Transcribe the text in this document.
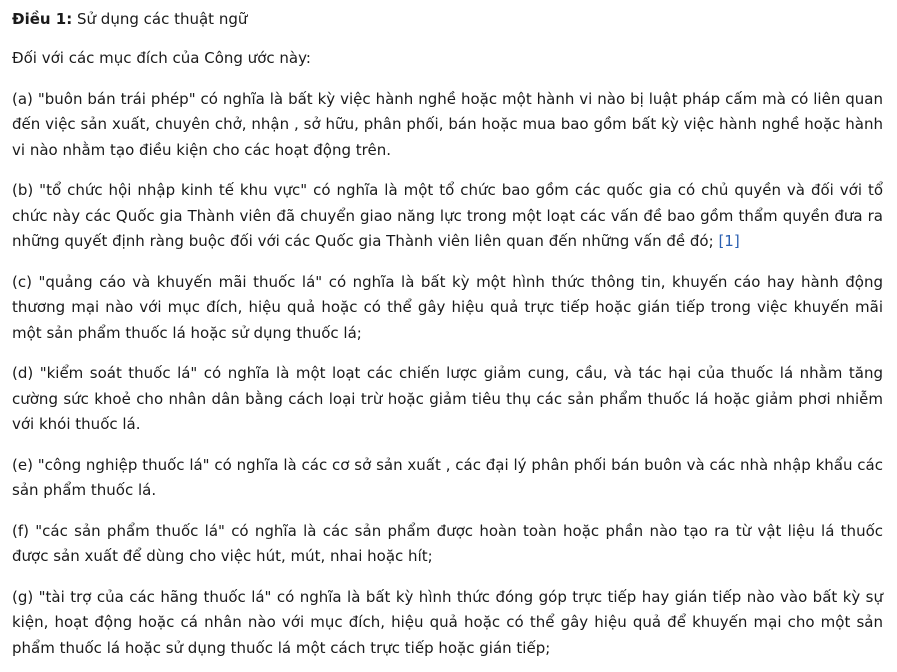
Điều 1: Sử dụng các thuật ngữ

Đối với các mục đích của Công ước này:

(a) "buôn bán trái phép" có nghĩa là bất kỳ việc hành nghề hoặc một hành vi nào bị luật pháp cấm mà có liên quan đến việc sản xuất, chuyên chở, nhận , sở hữu, phân phối, bán hoặc mua bao gồm bất kỳ việc hành nghề hoặc hành vi nào nhằm tạo điều kiện cho các hoạt động trên.

(b) "tổ chức hội nhập kinh tế khu vực" có nghĩa là một tổ chức bao gồm các quốc gia có chủ quyền và đối với tổ chức này các Quốc gia Thành viên đã chuyển giao năng lực trong một loạt các vấn đề bao gồm thẩm quyền đưa ra những quyết định ràng buộc đối với các Quốc gia Thành viên liên quan đến những vấn đề đó; [1]

(c) "quảng cáo và khuyến mãi thuốc lá" có nghĩa là bất kỳ một hình thức thông tin, khuyến cáo hay hành động thương mại nào với mục đích, hiệu quả hoặc có thể gây hiệu quả trực tiếp hoặc gián tiếp trong việc khuyến mãi một sản phẩm thuốc lá hoặc sử dụng thuốc lá;

(d) "kiểm soát thuốc lá" có nghĩa là một loạt các chiến lược giảm cung, cầu, và tác hại của thuốc lá nhằm tăng cường sức khoẻ cho nhân dân bằng cách loại trừ hoặc giảm tiêu thụ các sản phẩm thuốc lá hoặc giảm phơi nhiễm với khói thuốc lá.

(e) "công nghiệp thuốc lá" có nghĩa là các cơ sở sản xuất , các đại lý phân phối bán buôn và các nhà nhập khẩu các sản phẩm thuốc lá.

(f) "các sản phẩm thuốc lá" có nghĩa là các sản phẩm được hoàn toàn hoặc phần nào tạo ra từ vật liệu lá thuốc được sản xuất để dùng cho việc hút, mút, nhai hoặc hít;

(g) "tài trợ của các hãng thuốc lá" có nghĩa là bất kỳ hình thức đóng góp trực tiếp hay gián tiếp nào vào bất kỳ sự kiện, hoạt động hoặc cá nhân nào với mục đích, hiệu quả hoặc có thể gây hiệu quả để khuyến mại cho một sản phẩm thuốc lá hoặc sử dụng thuốc lá một cách trực tiếp hoặc gián tiếp;
